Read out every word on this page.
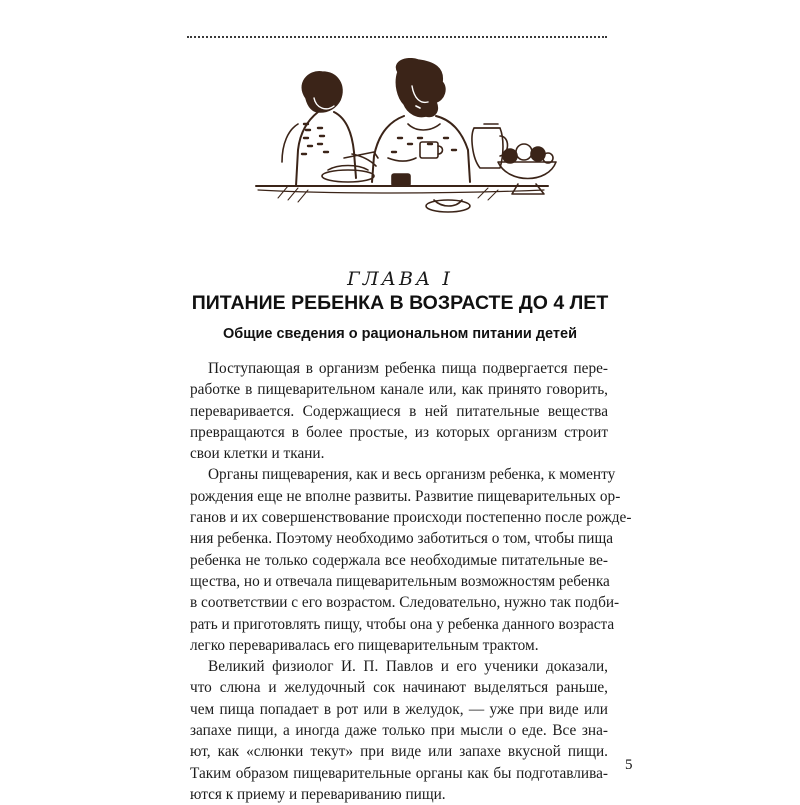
ГЛАВА I
ПИТАНИЕ РЕБЕНКА В ВОЗРАСТЕ ДО 4 ЛЕТ
Общие сведения о рациональном питании детей

Поступающая в организм ребенка пища подвергается пере-
работке в пищеварительном канале или, как принято говорить,
переваривается. Содержащиеся в ней питательные вещества
превращаются в более простые, из которых организм строит
свои клетки и ткани.

Органы пищеварения, как и весь организм ребенка, к моменту
рождения еще не вполне развиты. Развитие пищеварительных ор-
ганов и их совершенствование происходи постепенно после рожде-
ния ребенка. Поэтому необходимо заботиться о том, чтобы пища
ребенка не только содержала все необходимые питательные ве-
щества, но и отвечала пищеварительным возможностям ребенка
в соответствии с его возрастом. Следовательно, нужно так подби-
рать и приготовлять пищу, чтобы она у ребенка данного возраста
легко переваривалась его пищеварительным трактом.

Великий физиолог И. П. Павлов и его ученики доказали,
что слюна и желудочный сок начинают выделяться раньше,
чем пища попадает в рот или в желудок, — уже при виде или
запахе пищи, а иногда даже только при мысли о еде. Все зна-
ют, как «слюнки текут» при виде или запахе вкусной пищи.
Таким образом пищеварительные органы как бы подготавлива-
ются к приему и перевариванию пищи.

5
